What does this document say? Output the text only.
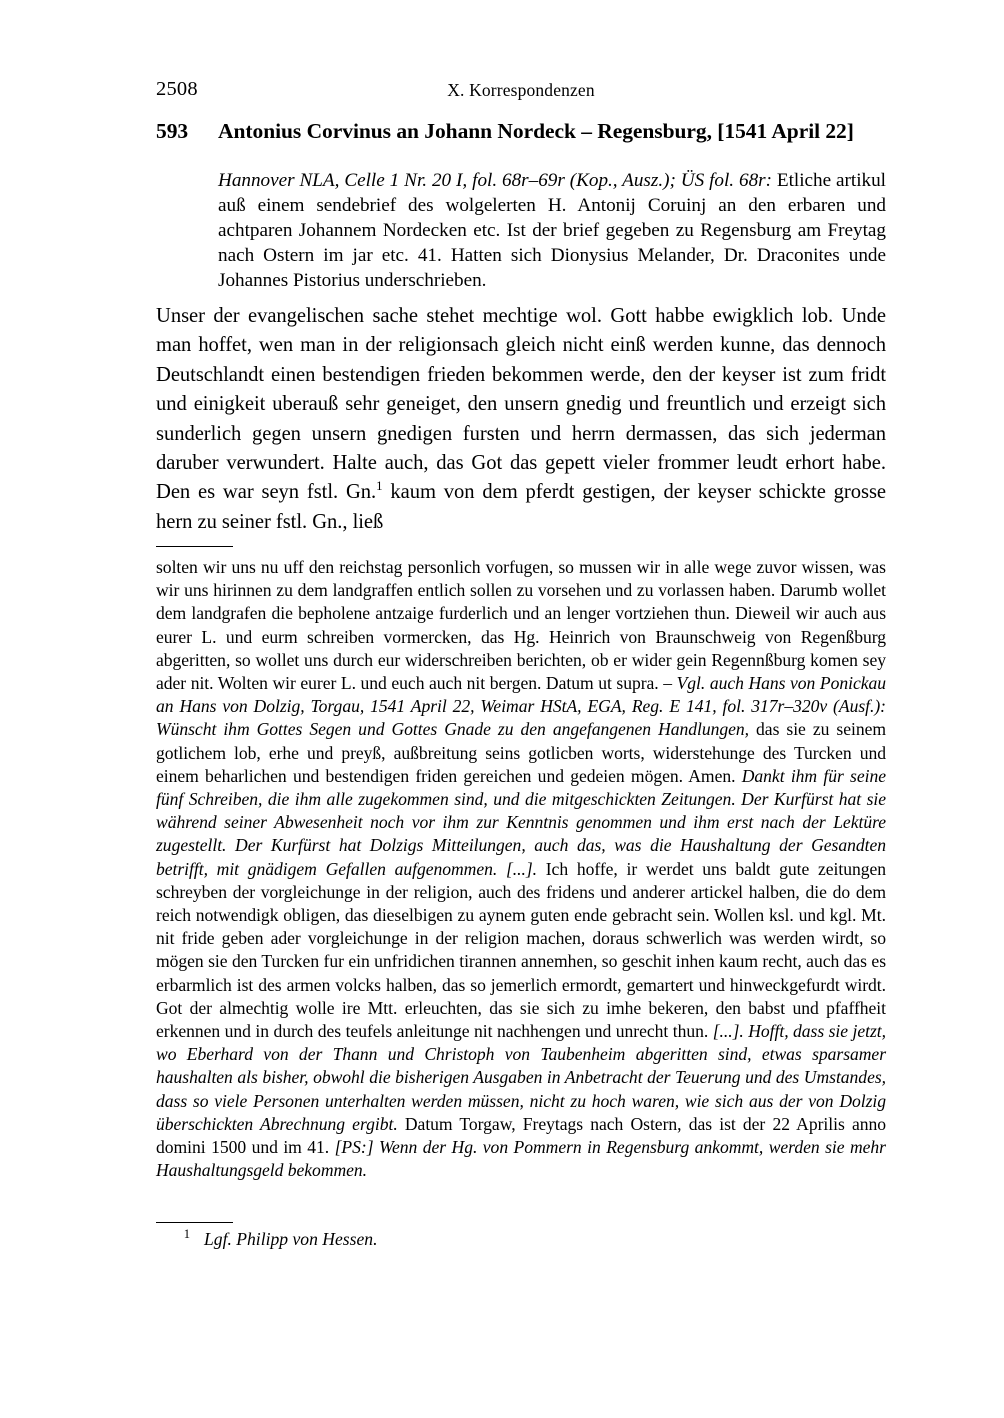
2508	X. Korrespondenzen
593 Antonius Corvinus an Johann Nordeck – Regensburg, [1541 April 22]
Hannover NLA, Celle 1 Nr. 20 I, fol. 68r–69r (Kop., Ausz.); ÜS fol. 68r: Etliche artikul auß einem sendebrief des wolgelerten H. Antonij Coruinj an den erbaren und achtparen Johannem Nordecken etc. Ist der brief gegeben zu Regensburg am Freytag nach Ostern im jar etc. 41. Hatten sich Dionysius Melander, Dr. Draconites unde Johannes Pistorius underschrieben.
Unser der evangelischen sache stehet mechtige wol. Gott habbe ewigklich lob. Unde man hoffet, wen man in der religionsach gleich nicht einß werden kunne, das dennoch Deutschlandt einen bestendigen frieden bekommen werde, den der keyser ist zum fridt und einigkeit uberauß sehr geneiget, den unsern gnedig und freuntlich und erzeigt sich sunderlich gegen unsern gnedigen fursten und herrn dermassen, das sich jederman daruber verwundert. Halte auch, das Got das gepett vieler frommer leudt erhort habe. Den es war seyn fstl. Gn.$^1$ kaum von dem pferdt gestigen, der keyser schickte grosse hern zu seiner fstl. Gn., ließ
solten wir uns nu uff den reichstag personlich vorfugen, so mussen wir in alle wege zuvor wissen, was wir uns hirinnen zu dem landgraffen entlich sollen zu vorsehen und zu vorlassen haben. Darumb wollet dem landgrafen die bepholene antzaige furderlich und an lenger vortziehen thun. Dieweil wir auch aus eurer L. und eurm schreiben vormercken, das Hg. Heinrich von Braunschweig von Regenßburg abgeritten, so wollet uns durch eur widerschreiben berichten, ob er wider gein Regennßburg komen sey ader nit. Wolten wir eurer L. und euch auch nit bergen. Datum ut supra. – Vgl. auch Hans von Ponickau an Hans von Dolzig, Torgau, 1541 April 22, Weimar HStA, EGA, Reg. E 141, fol. 317r–320v (Ausf.): Wünscht ihm Gottes Segen und Gottes Gnade zu den angefangenen Handlungen, das sie zu seinem gotlichem lob, erhe und preyß, außbreitung seins gotlicben worts, widerstehunge des Turcken und einem beharlichen und bestendigen friden gereichen und gedeien mögen. Amen. Dankt ihm für seine fünf Schreiben, die ihm alle zugekommen sind, und die mitgeschickten Zeitungen. Der Kurfürst hat sie während seiner Abwesenheit noch vor ihm zur Kenntnis genommen und ihm erst nach der Lektüre zugestellt. Der Kurfürst hat Dolzigs Mitteilungen, auch das, was die Haushaltung der Gesandten betrifft, mit gnädigem Gefallen aufgenommen. [...]. Ich hoffe, ir werdet uns baldt gute zeitungen schreyben der vorgleichunge in der religion, auch des fridens und anderer artickel halben, die do dem reich notwendigk obligen, das dieselbigen zu aynem guten ende gebracht sein. Wollen ksl. und kgl. Mt. nit fride geben ader vorgleichunge in der religion machen, doraus schwerlich was werden wirdt, so mögen sie den Turcken fur ein unfridichen tirannen annemhen, so geschit inhen kaum recht, auch das es erbarmlich ist des armen volcks halben, das so jemerlich ermordt, gemartert und hinweckgefurdt wirdt. Got der almechtig wolle ire Mtt. erleuchten, das sie sich zu imhe bekeren, den babst und pfaffheit erkennen und in durch des teufels anleitunge nit nachhengen und unrecht thun. [...]. Hofft, dass sie jetzt, wo Eberhard von der Thann und Christoph von Taubenheim abgeritten sind, etwas sparsamer haushalten als bisher, obwohl die bisherigen Ausgaben in Anbetracht der Teuerung und des Umstandes, dass so viele Personen unterhalten werden müssen, nicht zu hoch waren, wie sich aus der von Dolzig überschickten Abrechnung ergibt. Datum Torgaw, Freytags nach Ostern, das ist der 22 Aprilis anno domini 1500 und im 41. [PS:] Wenn der Hg. von Pommern in Regensburg ankommt, werden sie mehr Haushaltungsgeld bekommen.
1 Lgf. Philipp von Hessen.
